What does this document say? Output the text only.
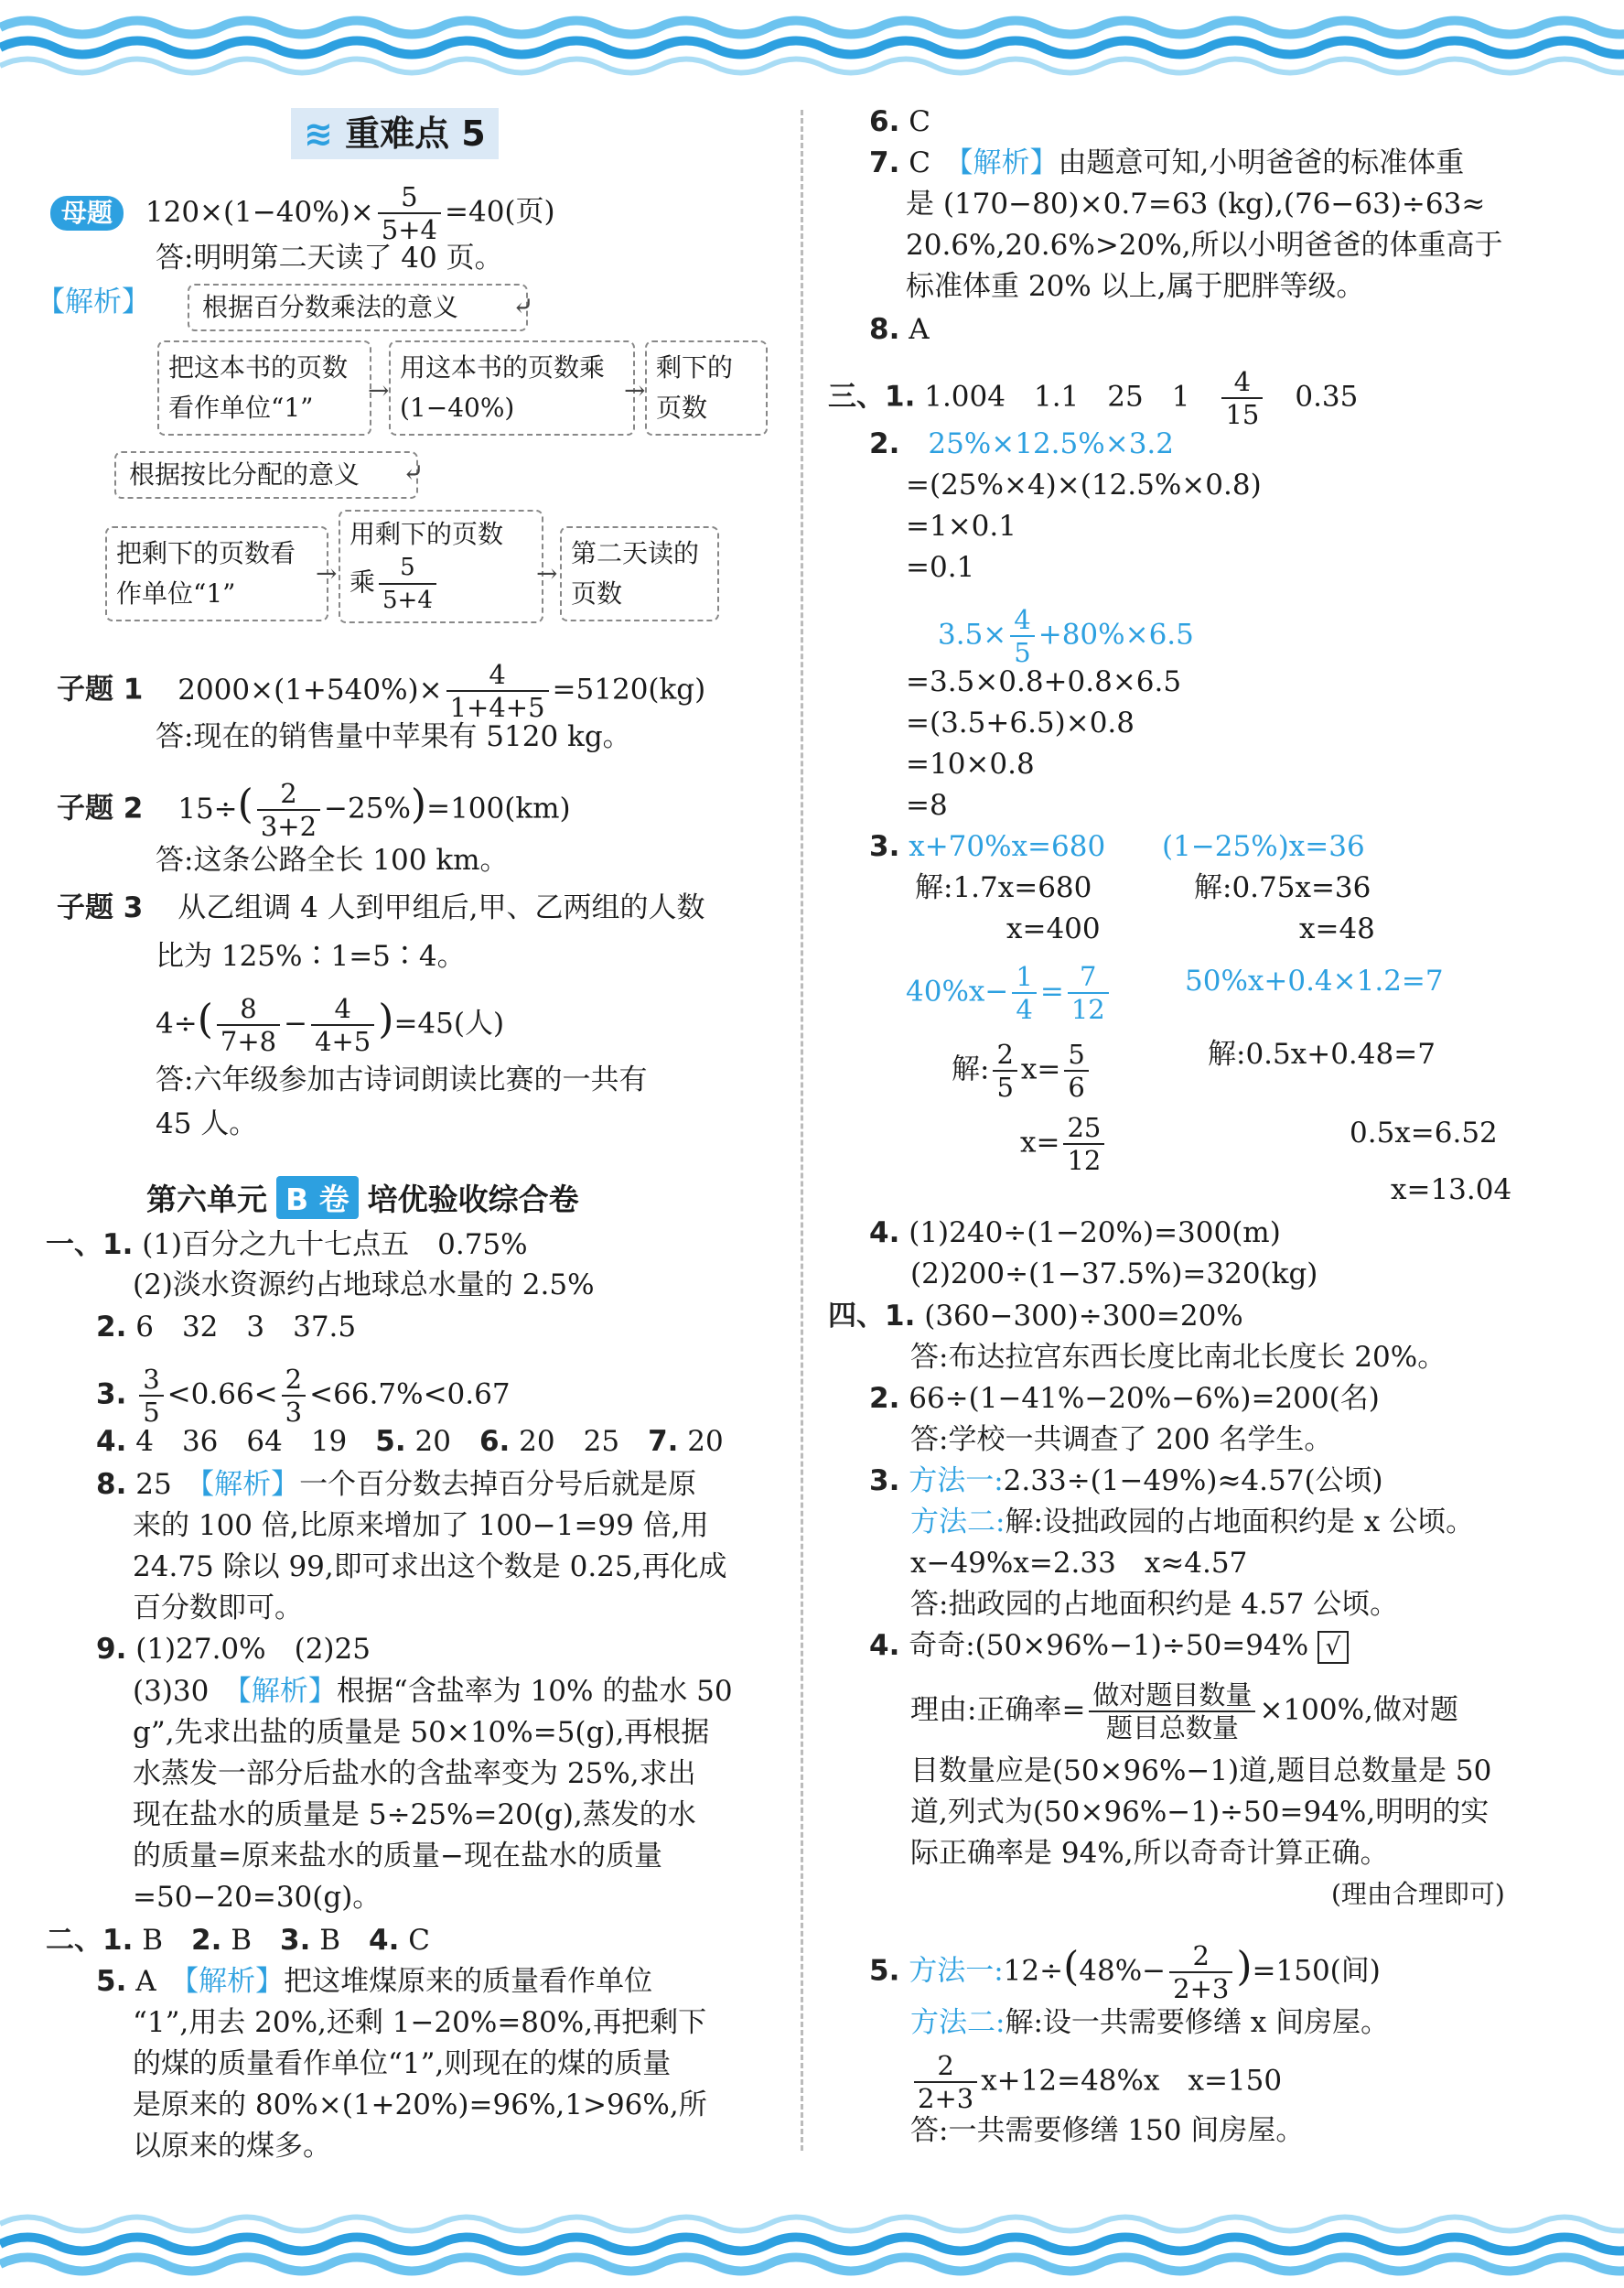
≋ 重难点 5
母题 $120\times(1-40\%)\times \frac{5}{5+4} =40$(页)
答:明明第二天读了 40 页。
【解析】	根据百分数乘法的意义	⤶
把这本书的页数看作单位“1”
→
用这本书的页数乘(1−40%)
→
剩下的页数
根据按比分配的意义	⤶
把剩下的页数看作单位“1”
→
用剩下的页数
乘 $\frac{5}{5+4}$	→
第二天读的页数
子题 1 $2000\times(1+540\%)\times \frac{4}{1+4+5} =5120(kg)$
答:现在的销售量中苹果有 5120 kg。
子题 2 $15\div( \frac{2}{3+2} -25\%)=100(km)$
答:这条公路全长 100 km。
子题 3 从乙组调 4 人到甲组后,甲、乙两组的人数
比为 125%∶1=5∶4。
$4\div( \frac{8}{7+8} - \frac{4}{4+5} )=45$(人)
答:六年级参加古诗词朗读比赛的一共有
45 人。
第六单元 B 卷 培优验收综合卷
一、1. (1)百分之九十七点五　0.75%
(2)淡水资源约占地球总水量的 2.5%
2. 6　32　3　37.5
3. $\frac{3}{5} <0.66< \frac{2}{3} <66.7\%<0.67$
4. 4　36　64　19　 5. 20　 6. 20　25　 7. 20
8. 25　 【解析】一个百分数去掉百分号后就是原
来的 100 倍,比原来增加了 100−1=99 倍,用
24.75 除以 99,即可求出这个数是 0.25,再化成
百分数即可。
9. (1)27.0%　(2)25
(3)30　 【解析】根据“含盐率为 10% 的盐水 50
g”,先求出盐的质量是 50×10%=5(g),再根据
水蒸发一部分后盐水的含盐率变为 25%,求出
现在盐水的质量是 5÷25%=20(g),蒸发的水
的质量=原来盐水的质量−现在盐水的质量
=50−20=30(g)。
二、1. B　 2. B　 3. B　 4. C
5. A　 【解析】把这堆煤原来的质量看作单位
“1”,用去 20%,还剩 1−20%=80%,再把剩下
的煤的质量看作单位“1”,则现在的煤的质量
是原来的 80%×(1+20%)=96%,1>96%,所
以原来的煤多。
6. C
7. C　 【解析】由题意可知,小明爸爸的标准体重
是 (170−80)×0.7=63 (kg),(76−63)÷63≈
20.6%,20.6%>20%,所以小明爸爸的体重高于
标准体重 20% 以上,属于肥胖等级。
8. A
三、1. 1.004　1.1　25　1　 $\frac{4}{15}$
　 0.35
2.　 25%×12.5%×3.2
=(25%×4)×(12.5%×0.8)
=1×0.1
=0.1
$3.5\times \frac{4}{5} +80\%\times 6.5$
=3.5×0.8+0.8×6.5
=(3.5+6.5)×0.8
=10×0.8
=8
3. x+70%x=680 (1−25%)x=36
解:1.7x=680	解:0.75x=36
x=400	x=48
$40\%x- \frac{1}{4} = \frac{7}{12}$	50%x+0.4×1.2=7
解: $\frac{2}{5} x= \frac{5}{6}$	解:0.5x+0.48=7
$x= \frac{25}{12}$	0.5x=6.52
x=13.04
4. (1)240÷(1−20%)=300(m)
(2)200÷(1−37.5%)=320(kg)
四、1. (360−300)÷300=20%
答:布达拉宫东西长度比南北长度长 20%。
2. 66÷(1−41%−20%−6%)=200(名)
答:学校一共调查了 200 名学生。
3. 方法一:2.33÷(1−49%)≈4.57(公顷)
方法二:解:设拙政园的占地面积约是 x 公顷。
x−49%x=2.33　x≈4.57
答:拙政园的占地面积约是 4.57 公顷。
4. 奇奇:(50×96%−1)÷50=94% √
理由:正确率= $\frac{\text{做对题目数量}}{\text{题目总数量}} \times 100\%$,做对题
目数量应是(50×96%−1)道,题目总数量是 50
道,列式为(50×96%−1)÷50=94%,明明的实
际正确率是 94%,所以奇奇计算正确。
(理由合理即可)
5. 方法一:12÷(48%− $\frac{2}{2+3} )=150$(间)
方法二:解:设一共需要修缮 x 间房屋。
$\frac{2}{2+3} x+12=48\%x$　x=150
答:一共需要修缮 150 间房屋。
